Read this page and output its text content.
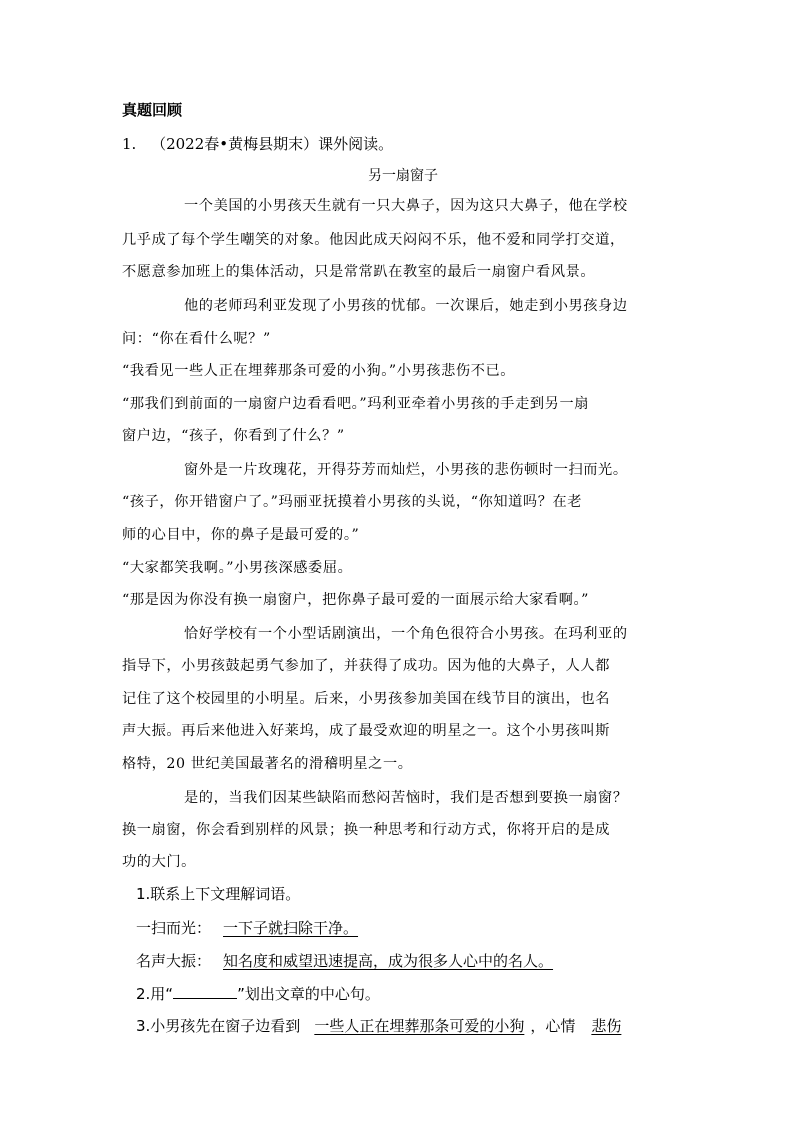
真题回顾
1. （2022春•黄梅县期末）课外阅读。
另一扇窗子
一个美国的小男孩天生就有一只大鼻子，因为这只大鼻子，他在学校
几乎成了每个学生嘲笑的对象。他因此成天闷闷不乐，他不爱和同学打交道，
不愿意参加班上的集体活动，只是常常趴在教室的最后一扇窗户看风景。
他的老师玛利亚发现了小男孩的忧郁。一次课后，她走到小男孩身边
问：“你在看什么呢？”
“我看见一些人正在埋葬那条可爱的小狗。”小男孩悲伤不已。
“那我们到前面的一扇窗户边看看吧。”玛利亚牵着小男孩的手走到另一扇
窗户边，“孩子，你看到了什么？”
窗外是一片玫瑰花，开得芬芳而灿烂，小男孩的悲伤顿时一扫而光。
“孩子，你开错窗户了。”玛丽亚抚摸着小男孩的头说，“你知道吗？在老
师的心目中，你的鼻子是最可爱的。”
“大家都笑我啊。”小男孩深感委屈。
“那是因为你没有换一扇窗户，把你鼻子最可爱的一面展示给大家看啊。”
恰好学校有一个小型话剧演出，一个角色很符合小男孩。在玛利亚的
指导下，小男孩鼓起勇气参加了，并获得了成功。因为他的大鼻子，人人都
记住了这个校园里的小明星。后来，小男孩参加美国在线节目的演出，也名
声大振。再后来他进入好莱坞，成了最受欢迎的明星之一。这个小男孩叫斯
格特，20 世纪美国最著名的滑稽明星之一。
是的，当我们因某些缺陷而愁闷苦恼时，我们是否想到要换一扇窗？
换一扇窗，你会看到别样的风景；换一种思考和行动方式，你将开启的是成
功的大门。
1.联系上下文理解词语。
一扫而光： 一下子就扫除干净。
名声大振： 知名度和威望迅速提高，成为很多人心中的名人。
2.用“	”划出文章的中心句。
3.小男孩先在窗子边看到 一些人正在埋葬那条可爱的小狗 ，心情 悲伤
